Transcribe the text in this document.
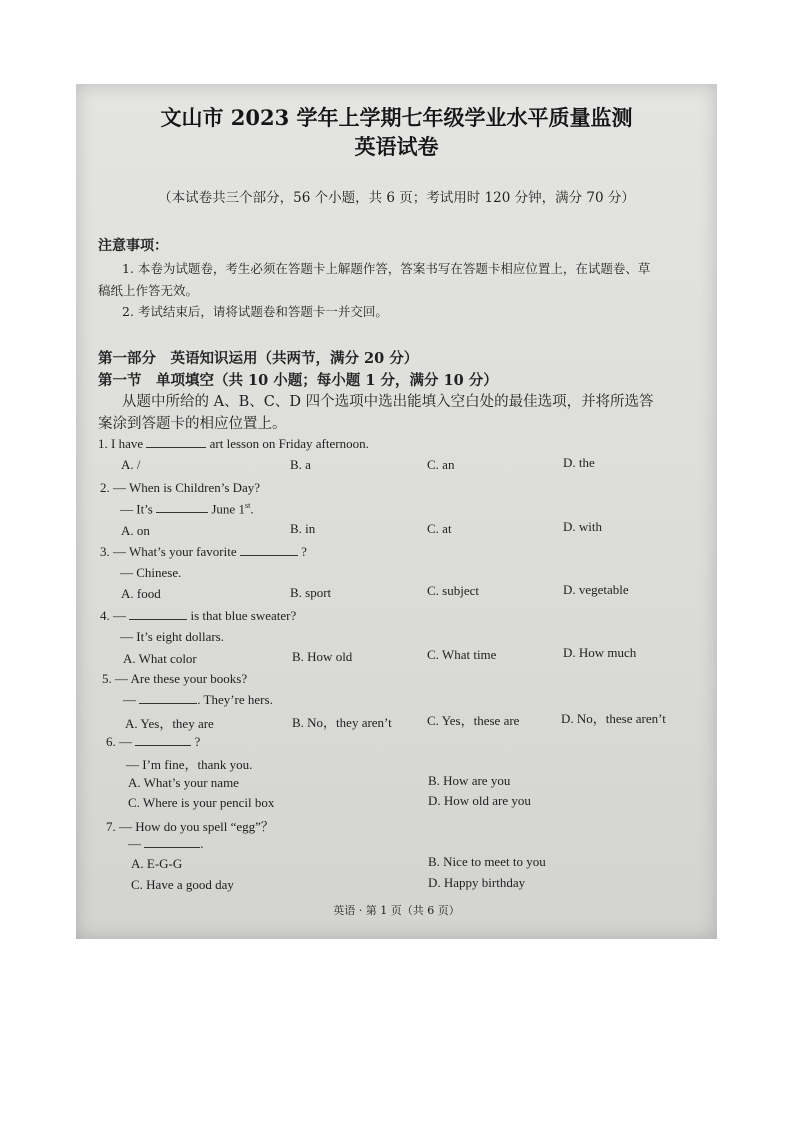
文山市 2023 学年上学期七年级学业水平质量监测
英语试卷
（本试卷共三个部分，56 个小题，共 6 页；考试用时 120 分钟，满分 70 分）
注意事项：
1. 本卷为试题卷，考生必须在答题卡上解题作答，答案书写在答题卡相应位置上，在试题卷、草
稿纸上作答无效。
2. 考试结束后，请将试题卷和答题卡一并交回。
第一部分　英语知识运用（共两节，满分 20 分）
第一节　单项填空（共 10 小题；每小题 1 分，满分 10 分）
从题中所给的 A、B、C、D 四个选项中选出能填入空白处的最佳选项，并将所选答
案涂到答题卡的相应位置上。
1. I have	art lesson on Friday afternoon.
A. /	B. a	C. an	D. the
2. — When is Children’s Day?
— It’s	June 1st.
A. on	B. in	C. at	D. with
3. — What’s your favorite	?
— Chinese.
A. food	B. sport	C. subject	D. vegetable
4. —	is that blue sweater?
— It’s eight dollars.
A. What color	B. How old	C. What time	D. How much
5. — Are these your books?
—	. They’re hers.
A. Yes，they are	B. No，they aren’t	C. Yes，these are	D. No，these aren’t
6. —	?
— I’m fine，thank you.
A. What’s your name	B. How are you
C. Where is your pencil box	D. How old are you
7. — How do you spell “egg”？
—	.
A. E-G-G	B. Nice to meet to you
C. Have a good day	D. Happy birthday
英语 · 第 1 页（共 6 页）
